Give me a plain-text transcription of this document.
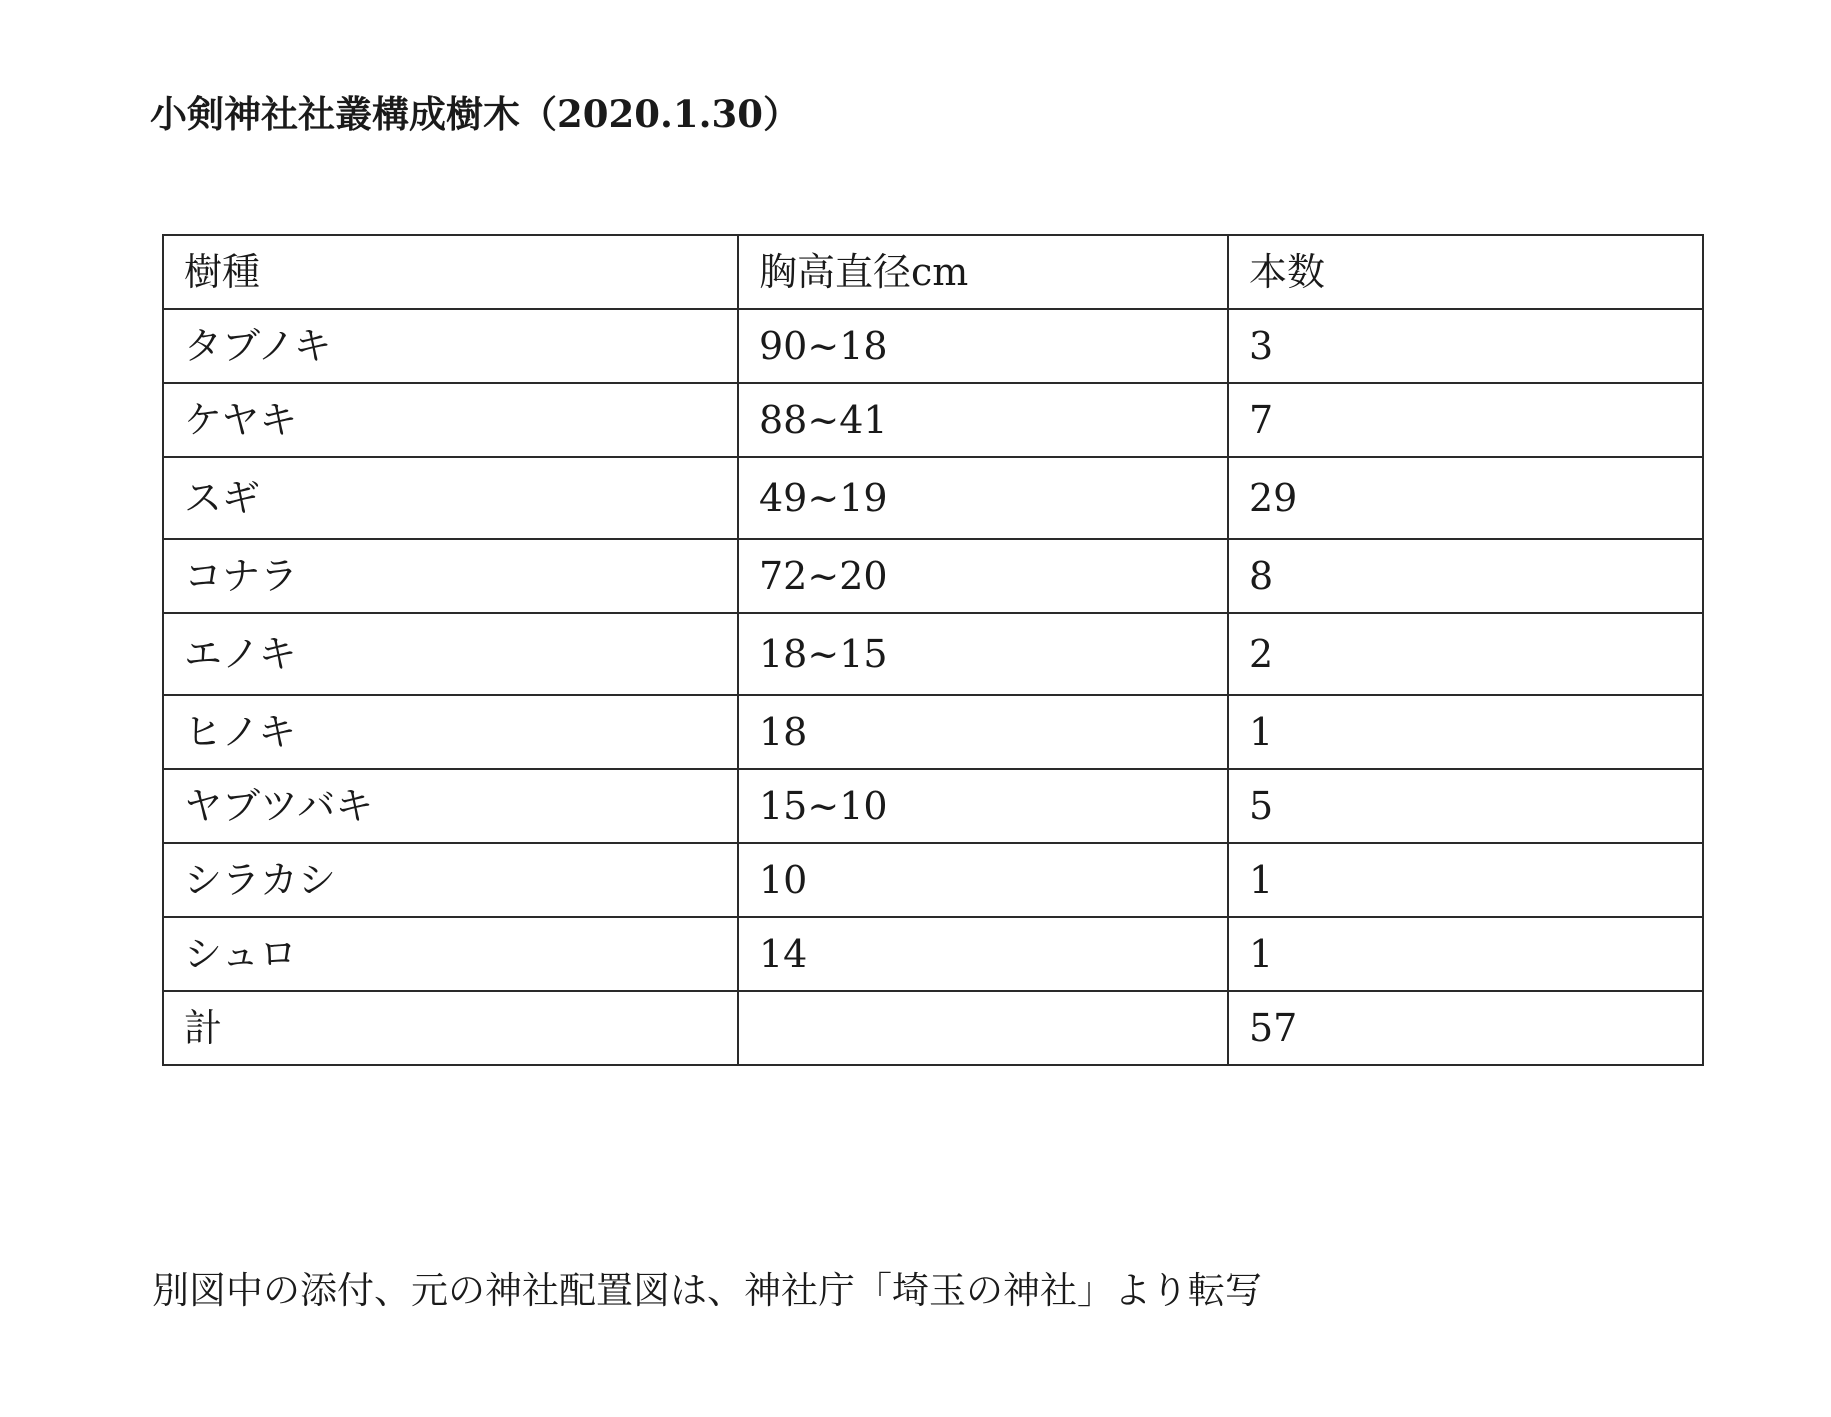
小剣神社社叢構成樹木（2020.1.30）
樹種	胸高直径cm	本数
タブノキ	90~18	3
ケヤキ	88~41	7
スギ	49~19	29
コナラ	72~20	8
エノキ	18~15	2
ヒノキ	18	1
ヤブツバキ	15~10	5
シラカシ	10	1
シュロ	14	1
計		57

別図中の添付、元の神社配置図は、神社庁「埼玉の神社」より転写
